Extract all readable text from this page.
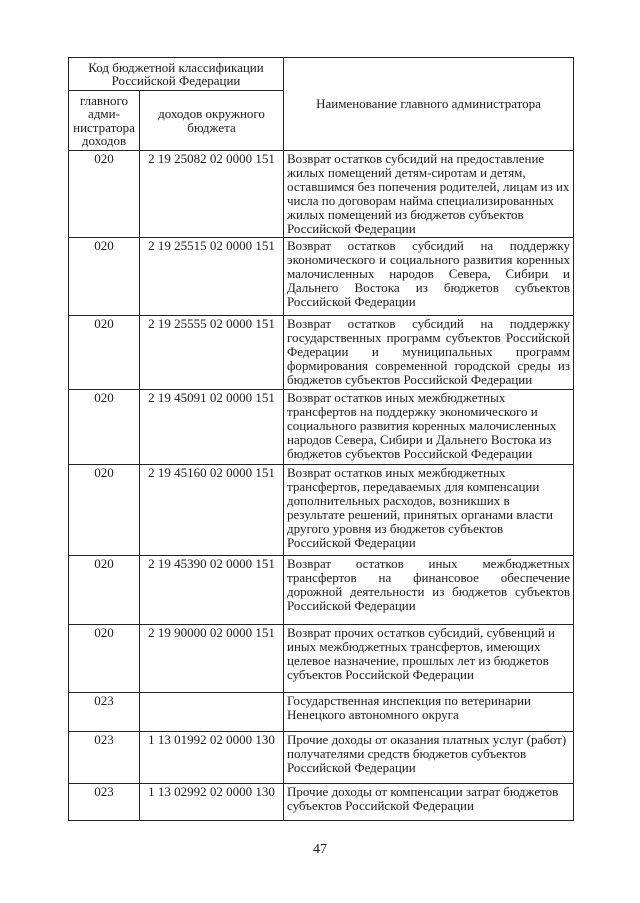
Код бюджетной классификации Российской Федерации		Наименование главного администратора
главного адми-нистратора доходов	доходов окружного бюджета	
020	2 19 25082 02 0000 151	Возврат остатков субсидий на предоставление жилых помещений детям-сиротам и детям, оставшимся без попечения родителей, лицам из их числа по договорам найма специализированных жилых помещений из бюджетов субъектов Российской Федерации
020	2 19 25515 02 0000 151	Возврат остатков субсидий на поддержку экономического и социального развития коренных малочисленных народов Севера, Сибири и Дальнего Востока из бюджетов субъектов Российской Федерации
020	2 19 25555 02 0000 151	Возврат остатков субсидий на поддержку государственных программ субъектов Российской Федерации и муниципальных программ формирования современной городской среды из бюджетов субъектов Российской Федерации
020	2 19 45091 02 0000 151	Возврат остатков иных межбюджетных трансфертов на поддержку экономического и социального развития коренных малочисленных народов Севера, Сибири и Дальнего Востока из бюджетов субъектов Российской Федерации
020	2 19 45160 02 0000 151	Возврат остатков иных межбюджетных трансфертов, передаваемых для компенсации дополнительных расходов, возникших в результате решений, принятых органами власти другого уровня из бюджетов субъектов Российской Федерации
020	2 19 45390 02 0000 151	Возврат остатков иных межбюджетных трансфертов на финансовое обеспечение дорожной деятельности из бюджетов субъектов Российской Федерации
020	2 19 90000 02 0000 151	Возврат прочих остатков субсидий, субвенций и иных межбюджетных трансфертов, имеющих целевое назначение, прошлых лет из бюджетов субъектов Российской Федерации
023		Государственная инспекция по ветеринарии Ненецкого автономного округа
023	1 13 01992 02 0000 130	Прочие доходы от оказания платных услуг (работ) получателями средств бюджетов субъектов Российской Федерации
023	1 13 02992 02 0000 130	Прочие доходы от компенсации затрат бюджетов субъектов Российской Федерации
47
